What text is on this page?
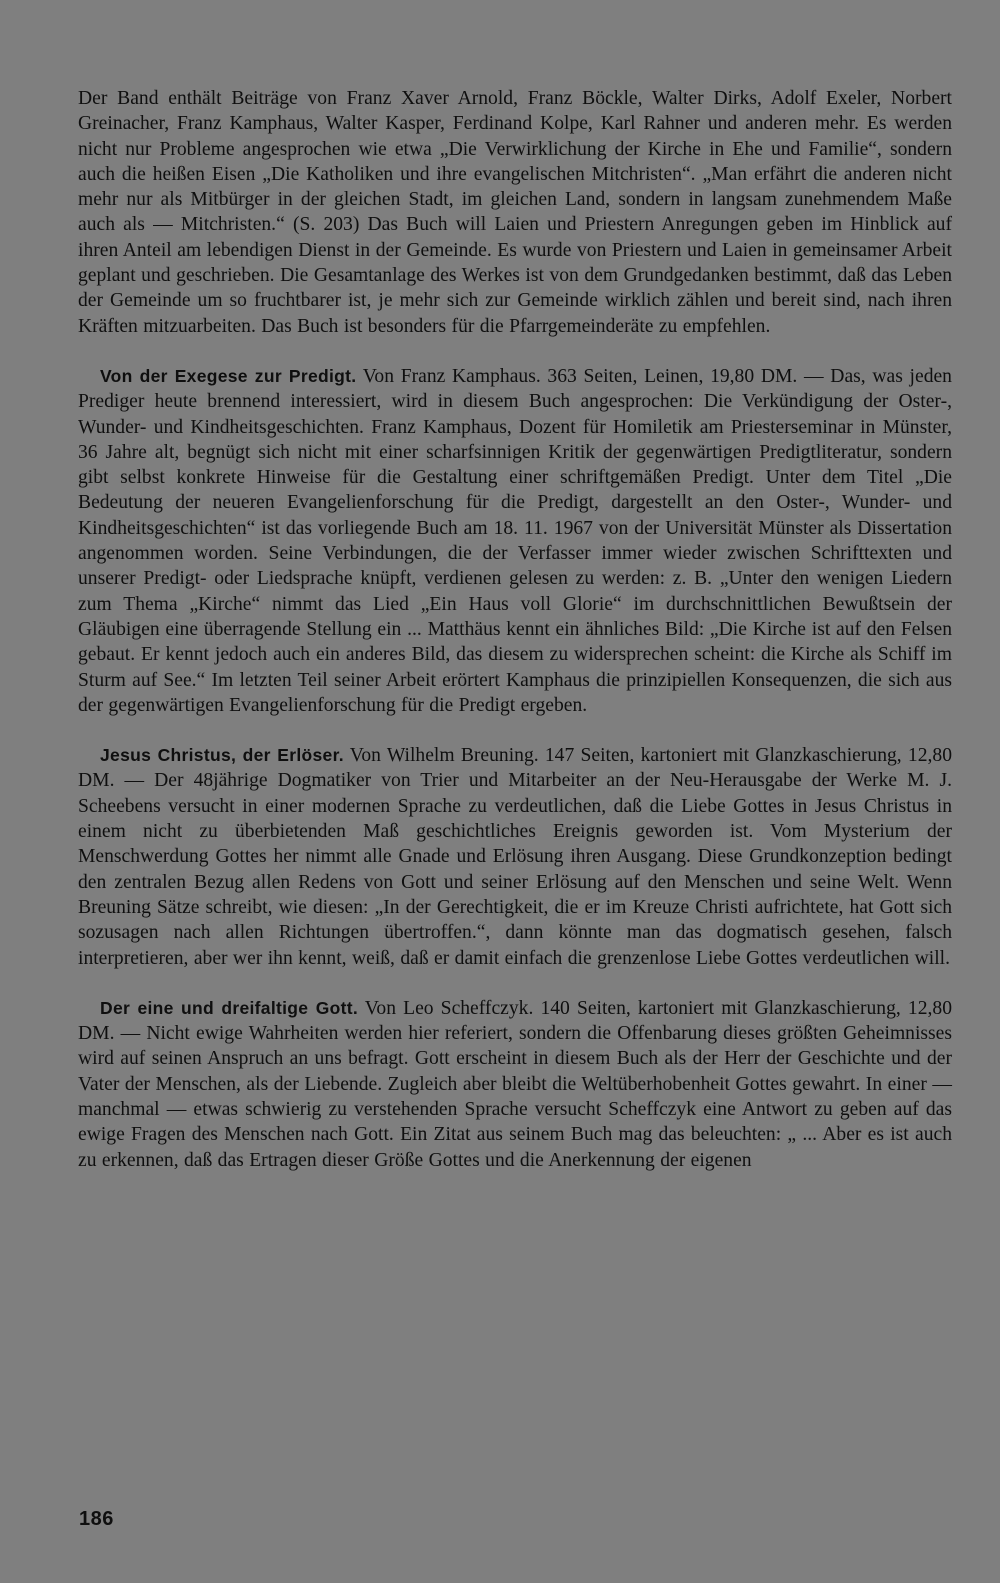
Der Band enthält Beiträge von Franz Xaver Arnold, Franz Böckle, Walter Dirks, Adolf Exeler, Norbert Greinacher, Franz Kamphaus, Walter Kasper, Ferdinand Kolpe, Karl Rahner und anderen mehr. Es werden nicht nur Probleme angesprochen wie etwa „Die Verwirklichung der Kirche in Ehe und Familie“, sondern auch die heißen Eisen „Die Katholiken und ihre evangelischen Mitchristen“. „Man erfährt die anderen nicht mehr nur als Mitbürger in der gleichen Stadt, im gleichen Land, sondern in langsam zunehmendem Maße auch als — Mitchristen.“ (S. 203) Das Buch will Laien und Priestern Anregungen geben im Hinblick auf ihren Anteil am lebendigen Dienst in der Gemeinde. Es wurde von Priestern und Laien in gemeinsamer Arbeit geplant und geschrieben. Die Gesamtanlage des Werkes ist von dem Grundgedanken bestimmt, daß das Leben der Gemeinde um so fruchtbarer ist, je mehr sich zur Gemeinde wirklich zählen und bereit sind, nach ihren Kräften mitzuarbeiten. Das Buch ist besonders für die Pfarrgemeinderäte zu empfehlen.

Von der Exegese zur Predigt. Von Franz Kamphaus. 363 Seiten, Leinen, 19,80 DM. — Das, was jeden Prediger heute brennend interessiert, wird in diesem Buch angesprochen: Die Verkündigung der Oster-, Wunder- und Kindheitsgeschichten. Franz Kamphaus, Dozent für Homiletik am Priesterseminar in Münster, 36 Jahre alt, begnügt sich nicht mit einer scharfsinnigen Kritik der gegenwärtigen Predigtliteratur, sondern gibt selbst konkrete Hinweise für die Gestaltung einer schriftgemäßen Predigt. Unter dem Titel „Die Bedeutung der neueren Evangelienforschung für die Predigt, dargestellt an den Oster-, Wunder- und Kindheitsgeschichten“ ist das vorliegende Buch am 18. 11. 1967 von der Universität Münster als Dissertation angenommen worden. Seine Verbindungen, die der Verfasser immer wieder zwischen Schrifttexten und unserer Predigt- oder Liedsprache knüpft, verdienen gelesen zu werden: z. B. „Unter den wenigen Liedern zum Thema „Kirche“ nimmt das Lied „Ein Haus voll Glorie“ im durchschnittlichen Bewußtsein der Gläubigen eine überragende Stellung ein ... Matthäus kennt ein ähnliches Bild: „Die Kirche ist auf den Felsen gebaut. Er kennt jedoch auch ein anderes Bild, das diesem zu widersprechen scheint: die Kirche als Schiff im Sturm auf See.“ Im letzten Teil seiner Arbeit erörtert Kamphaus die prinzipiellen Konsequenzen, die sich aus der gegenwärtigen Evangelienforschung für die Predigt ergeben.

Jesus Christus, der Erlöser. Von Wilhelm Breuning. 147 Seiten, kartoniert mit Glanzkaschierung, 12,80 DM. — Der 48jährige Dogmatiker von Trier und Mitarbeiter an der Neu-Herausgabe der Werke M. J. Scheebens versucht in einer modernen Sprache zu verdeutlichen, daß die Liebe Gottes in Jesus Christus in einem nicht zu überbietenden Maß geschichtliches Ereignis geworden ist. Vom Mysterium der Menschwerdung Gottes her nimmt alle Gnade und Erlösung ihren Ausgang. Diese Grundkonzeption bedingt den zentralen Bezug allen Redens von Gott und seiner Erlösung auf den Menschen und seine Welt. Wenn Breuning Sätze schreibt, wie diesen: „In der Gerechtigkeit, die er im Kreuze Christi aufrichtete, hat Gott sich sozusagen nach allen Richtungen übertroffen.“, dann könnte man das dogmatisch gesehen, falsch interpretieren, aber wer ihn kennt, weiß, daß er damit einfach die grenzenlose Liebe Gottes verdeutlichen will.

Der eine und dreifaltige Gott. Von Leo Scheffczyk. 140 Seiten, kartoniert mit Glanzkaschierung, 12,80 DM. — Nicht ewige Wahrheiten werden hier referiert, sondern die Offenbarung dieses größten Geheimnisses wird auf seinen Anspruch an uns befragt. Gott erscheint in diesem Buch als der Herr der Geschichte und der Vater der Menschen, als der Liebende. Zugleich aber bleibt die Weltüberhobenheit Gottes gewahrt. In einer — manchmal — etwas schwierig zu verstehenden Sprache versucht Scheffczyk eine Antwort zu geben auf das ewige Fragen des Menschen nach Gott. Ein Zitat aus seinem Buch mag das beleuchten: „ ... Aber es ist auch zu erkennen, daß das Ertragen dieser Größe Gottes und die Anerkennung der eigenen

186
